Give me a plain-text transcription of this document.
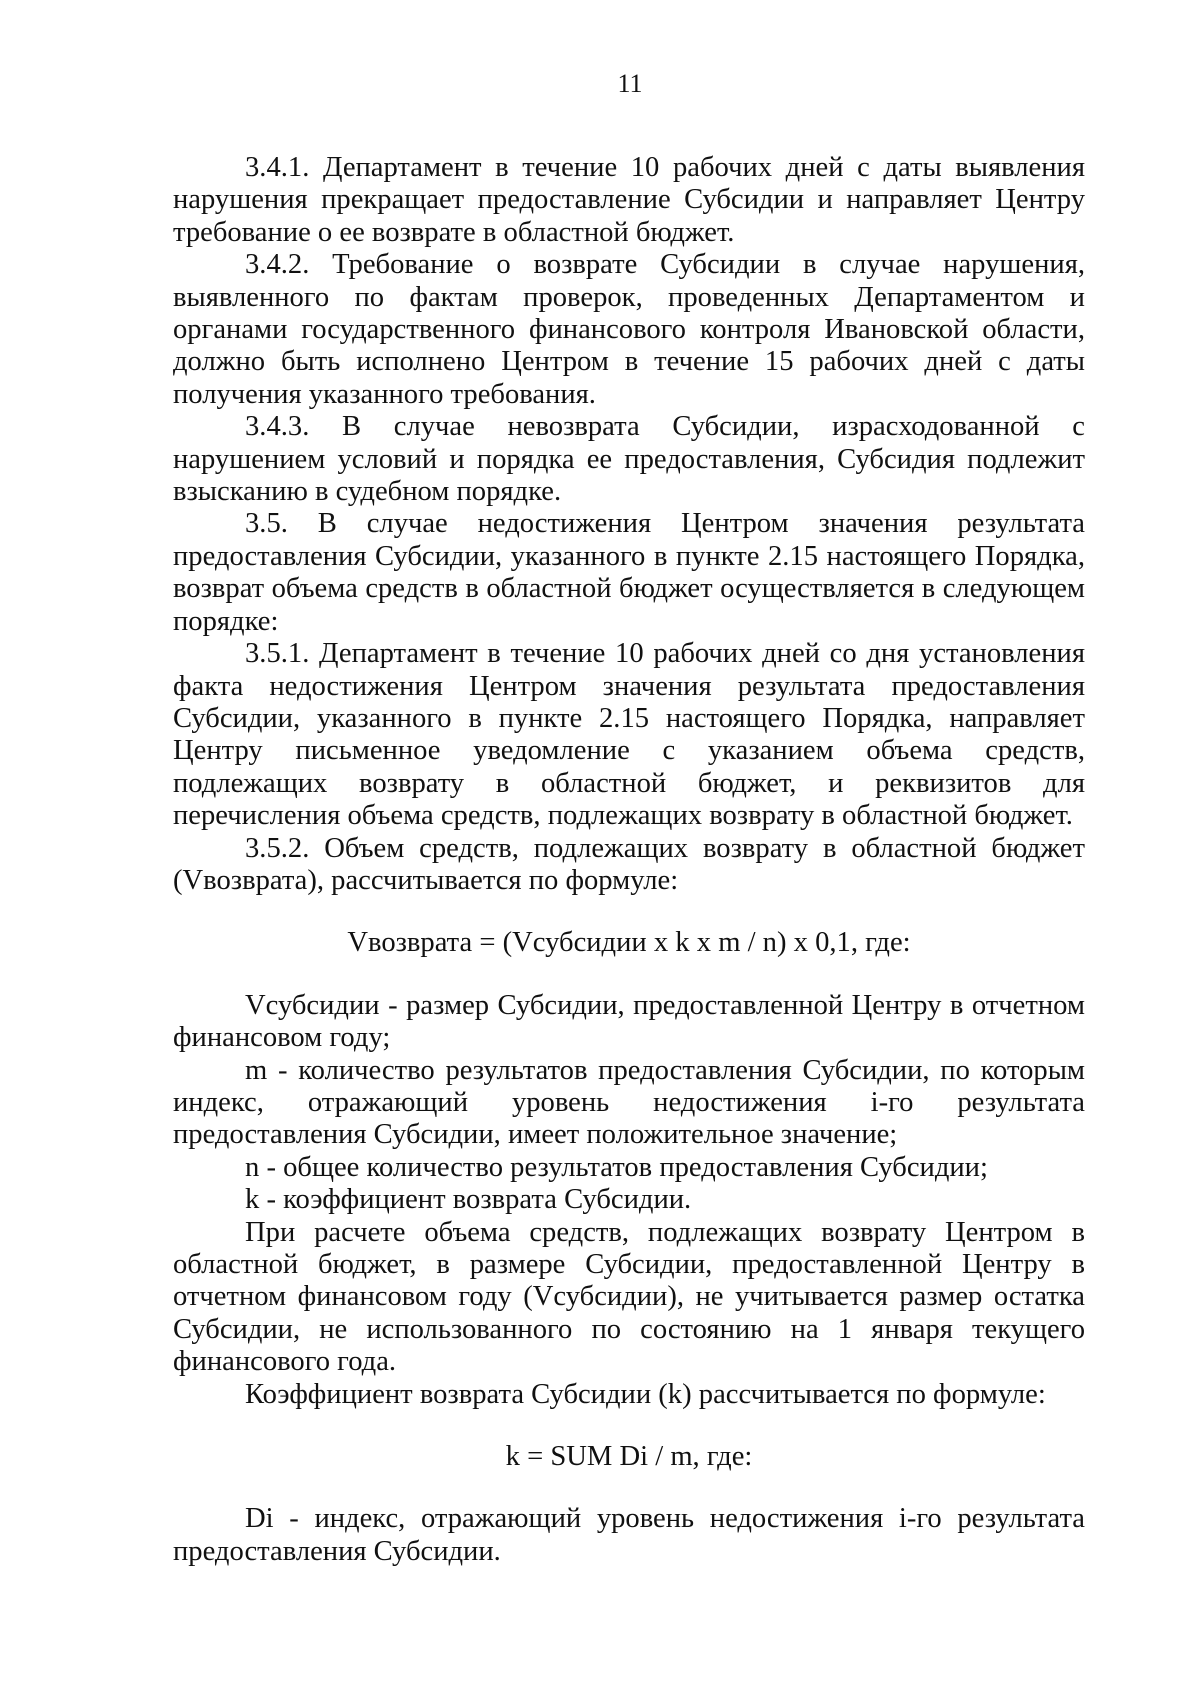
11

3.4.1. Департамент в течение 10 рабочих дней с даты выявления нарушения прекращает предоставление Субсидии и направляет Центру требование о ее возврате в областной бюджет.

3.4.2. Требование о возврате Субсидии в случае нарушения, выявленного по фактам проверок, проведенных Департаментом и органами государственного финансового контроля Ивановской области, должно быть исполнено Центром в течение 15 рабочих дней с даты получения указанного требования.

3.4.3. В случае невозврата Субсидии, израсходованной с нарушением условий и порядка ее предоставления, Субсидия подлежит взысканию в судебном порядке.

3.5. В случае недостижения Центром значения результата предоставления Субсидии, указанного в пункте 2.15 настоящего Порядка, возврат объема средств в областной бюджет осуществляется в следующем порядке:

3.5.1. Департамент в течение 10 рабочих дней со дня установления факта недостижения Центром значения результата предоставления Субсидии, указанного в пункте 2.15 настоящего Порядка, направляет Центру письменное уведомление с указанием объема средств, подлежащих возврату в областной бюджет, и реквизитов для перечисления объема средств, подлежащих возврату в областной бюджет.

3.5.2. Объем средств, подлежащих возврату в областной бюджет (Vвозврата), рассчитывается по формуле:

Vвозврата = (Vсубсидии x k x m / n) x 0,1, где:

Vсубсидии - размер Субсидии, предоставленной Центру в отчетном финансовом году;

m - количество результатов предоставления Субсидии, по которым индекс, отражающий уровень недостижения i-го результата предоставления Субсидии, имеет положительное значение;

n - общее количество результатов предоставления Субсидии;

k - коэффициент возврата Субсидии.

При расчете объема средств, подлежащих возврату Центром в областной бюджет, в размере Субсидии, предоставленной Центру в отчетном финансовом году (Vсубсидии), не учитывается размер остатка Субсидии, не использованного по состоянию на 1 января текущего финансового года.

Коэффициент возврата Субсидии (k) рассчитывается по формуле:

k = SUM Di / m, где:

Di - индекс, отражающий уровень недостижения i-го результата предоставления Субсидии.
